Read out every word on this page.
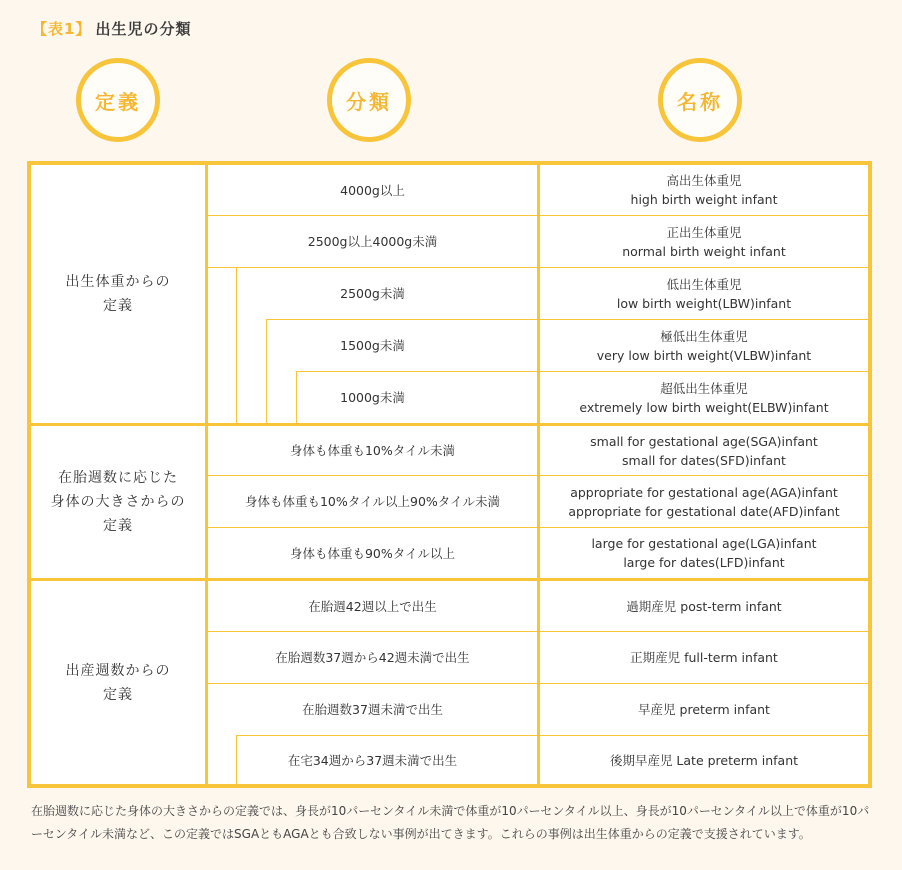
【表1】 出生児の分類
定義	分類	名称
出生体重からの
定義
在胎週数に応じた
身体の大きさからの
定義
出産週数からの
定義
4000g以上
2500g以上4000g未満
2500g未満
1500g未満
1000g未満
身体も体重も10%タイル未満
身体も体重も10%タイル以上90%タイル未満
身体も体重も90%タイル以上
在胎週42週以上で出生
在胎週数37週から42週未満で出生
在胎週数37週未満で出生
在宅34週から37週未満で出生
高出生体重児
high birth weight infant
正出生体重児
normal birth weight infant
低出生体重児
low birth weight(LBW)infant
極低出生体重児
very low birth weight(VLBW)infant
超低出生体重児
extremely low birth weight(ELBW)infant
small for gestational age(SGA)infant
small for dates(SFD)infant
appropriate for gestational age(AGA)infant
appropriate for gestational date(AFD)infant
large for gestational age(LGA)infant
large for dates(LFD)infant
過期産児 post-term infant
正期産児 full-term infant
早産児 preterm infant
後期早産児 Late preterm infant
在胎週数に応じた身体の大きさからの定義では、身長が10パーセンタイル未満で体重が10パーセンタイル以上、身長が10パーセンタイル以上で体重が10パーセンタイル未満など、この定義ではSGAともAGAとも合致しない事例が出てきます。これらの事例は出生体重からの定義で支援されています。
